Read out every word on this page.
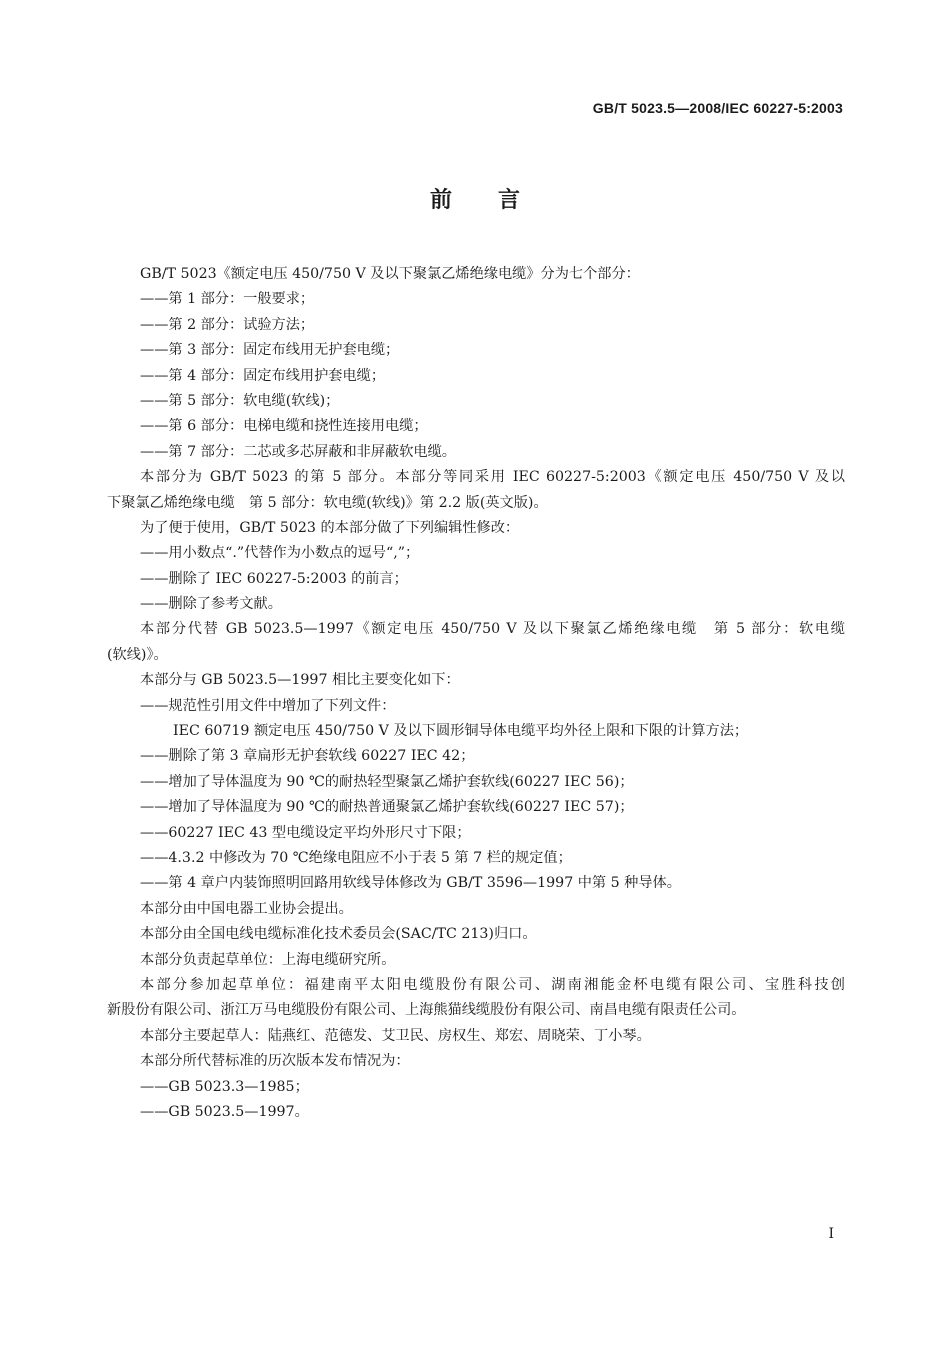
GB/T 5023.5—2008/IEC 60227-5:2003
前言
GB/T 5023《额定电压 450/750 V 及以下聚氯乙烯绝缘电缆》分为七个部分：
——第 1 部分：一般要求；
——第 2 部分：试验方法；
——第 3 部分：固定布线用无护套电缆；
——第 4 部分：固定布线用护套电缆；
——第 5 部分：软电缆(软线)；
——第 6 部分：电梯电缆和挠性连接用电缆；
——第 7 部分：二芯或多芯屏蔽和非屏蔽软电缆。
本部分为 GB/T 5023 的第 5 部分。本部分等同采用 IEC 60227-5:2003《额定电压 450/750 V 及以
下聚氯乙烯绝缘电缆　第 5 部分：软电缆(软线)》第 2.2 版(英文版)。
为了便于使用，GB/T 5023 的本部分做了下列编辑性修改：
——用小数点“.”代替作为小数点的逗号“,”；
——删除了 IEC 60227-5:2003 的前言；
——删除了参考文献。
本部分代替 GB 5023.5—1997《额定电压 450/750 V 及以下聚氯乙烯绝缘电缆　第 5 部分：软电缆
(软线)》。
本部分与 GB 5023.5—1997 相比主要变化如下：
——规范性引用文件中增加了下列文件：
IEC 60719 额定电压 450/750 V 及以下圆形铜导体电缆平均外径上限和下限的计算方法；
——删除了第 3 章扁形无护套软线 60227 IEC 42；
——增加了导体温度为 90 ℃的耐热轻型聚氯乙烯护套软线(60227 IEC 56)；
——增加了导体温度为 90 ℃的耐热普通聚氯乙烯护套软线(60227 IEC 57)；
——60227 IEC 43 型电缆设定平均外形尺寸下限；
——4.3.2 中修改为 70 ℃绝缘电阻应不小于表 5 第 7 栏的规定值；
——第 4 章户内装饰照明回路用软线导体修改为 GB/T 3596—1997 中第 5 种导体。
本部分由中国电器工业协会提出。
本部分由全国电线电缆标准化技术委员会(SAC/TC 213)归口。
本部分负责起草单位：上海电缆研究所。
本部分参加起草单位：福建南平太阳电缆股份有限公司、湖南湘能金杯电缆有限公司、宝胜科技创
新股份有限公司、浙江万马电缆股份有限公司、上海熊猫线缆股份有限公司、南昌电缆有限责任公司。
本部分主要起草人：陆燕红、范德发、艾卫民、房权生、郑宏、周晓荣、丁小琴。
本部分所代替标准的历次版本发布情况为：
——GB 5023.3—1985；
——GB 5023.5—1997。
I
